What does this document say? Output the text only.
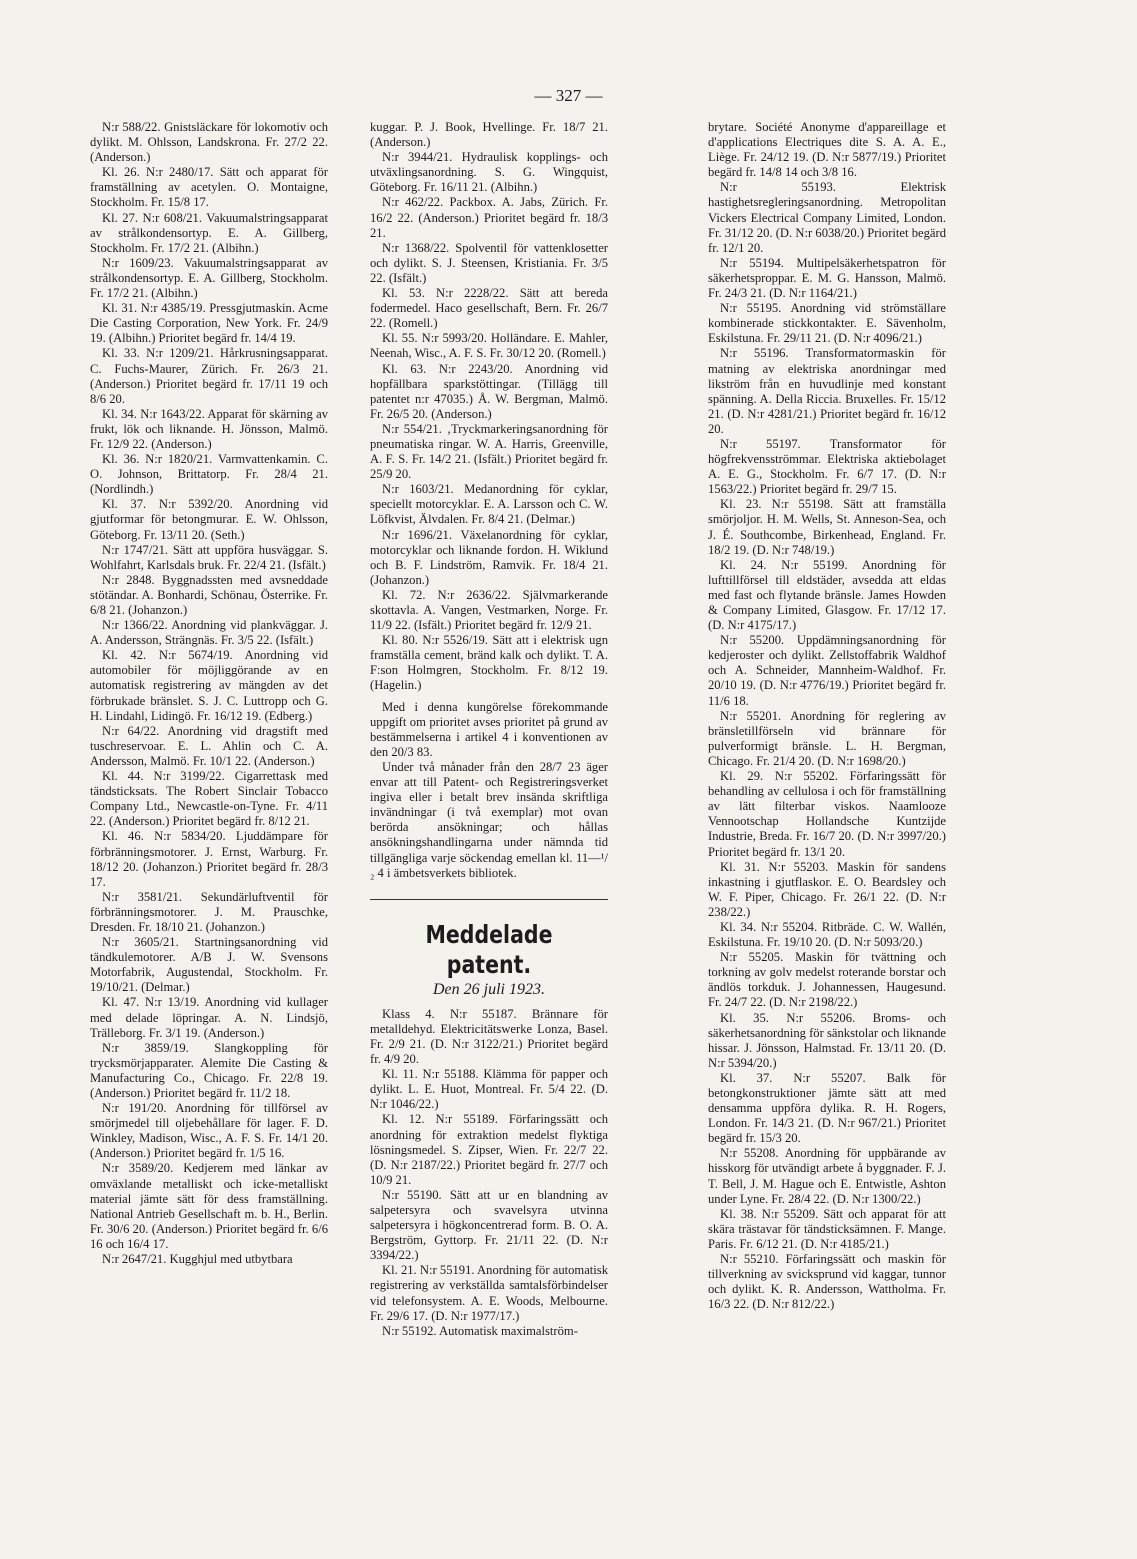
— 327 —

N:r 588/22. Gnistsläckare för lokomotiv och dylikt. M. Ohlsson, Landskrona. Fr. 27/2 22. (Anderson.)

Kl. 26. N:r 2480/17. Sätt och apparat för framställning av acetylen. O. Montaigne, Stockholm. Fr. 15/8 17.

Kl. 27. N:r 608/21. Vakuumalstringsapparat av strålkondensortyp. E. A. Gillberg, Stockholm. Fr. 17/2 21. (Albihn.)

N:r 1609/23. Vakuumalstringsapparat av strålkondensortyp. E. A. Gillberg, Stockholm. Fr. 17/2 21. (Albihn.)

Kl. 31. N:r 4385/19. Pressgjutmaskin. Acme Die Casting Corporation, New York. Fr. 24/9 19. (Albihn.) Prioritet begärd fr. 14/4 19.

Kl. 33. N:r 1209/21. Hårkrusningsapparat. C. Fuchs-Maurer, Zürich. Fr. 26/3 21. (Anderson.) Prioritet begärd fr. 17/11 19 och 8/6 20.

Kl. 34. N:r 1643/22. Apparat för skärning av frukt, lök och liknande. H. Jönsson, Malmö. Fr. 12/9 22. (Anderson.)

Kl. 36. N:r 1820/21. Varmvattenkamin. C. O. Johnson, Brittatorp. Fr. 28/4 21. (Nordlindh.)

Kl. 37. N:r 5392/20. Anordning vid gjutformar för betongmurar. E. W. Ohlsson, Göteborg. Fr. 13/11 20. (Seth.)

N:r 1747/21. Sätt att uppföra husväggar. S. Wohlfahrt, Karlsdals bruk. Fr. 22/4 21. (Isfält.)

N:r 2848. Byggnadssten med avsneddade stötändar. A. Bonhardi, Schönau, Österrike. Fr. 6/8 21. (Johanzon.)

N:r 1366/22. Anordning vid plankväggar. J. A. Andersson, Strängnäs. Fr. 3/5 22. (Isfält.)

Kl. 42. N:r 5674/19. Anordning vid automobiler för möjliggörande av en automatisk registrering av mängden av det förbrukade bränslet. S. J. C. Luttropp och G. H. Lindahl, Lidingö. Fr. 16/12 19. (Edberg.)

N:r 64/22. Anordning vid dragstift med tuschreservoar. E. L. Ahlin och C. A. Andersson, Malmö. Fr. 10/1 22. (Anderson.)

Kl. 44. N:r 3199/22. Cigarrettask med tändsticksats. The Robert Sinclair Tobacco Company Ltd., Newcastle-on-Tyne. Fr. 4/11 22. (Anderson.) Prioritet begärd fr. 8/12 21.

Kl. 46. N:r 5834/20. Ljuddämpare för förbränningsmotorer. J. Ernst, Warburg. Fr. 18/12 20. (Johanzon.) Prioritet begärd fr. 28/3 17.

N:r 3581/21. Sekundärluftventil för förbränningsmotorer. J. M. Prauschke, Dresden. Fr. 18/10 21. (Johanzon.)

N:r 3605/21. Startningsanordning vid tändkulemotorer. A/B J. W. Svensons Motorfabrik, Augustendal, Stockholm. Fr. 19/10/21. (Delmar.)

Kl. 47. N:r 13/19. Anordning vid kullager med delade löpringar. A. N. Lindsjö, Trälleborg. Fr. 3/1 19. (Anderson.)

N:r 3859/19. Slangkoppling för trycksmörjapparater. Alemite Die Casting & Manufacturing Co., Chicago. Fr. 22/8 19. (Anderson.) Prioritet begärd fr. 11/2 18.

N:r 191/20. Anordning för tillförsel av smörjmedel till oljebehållare för lager. F. D. Winkley, Madison, Wisc., A. F. S. Fr. 14/1 20. (Anderson.) Prioritet begärd fr. 1/5 16.

N:r 3589/20. Kedjerem med länkar av omväxlande metalliskt och icke-metalliskt material jämte sätt för dess framställning. National Antrieb Gesellschaft m. b. H., Berlin. Fr. 30/6 20. (Anderson.) Prioritet begärd fr. 6/6 16 och 16/4 17.

N:r 2647/21. Kugghjul med utbytbara

kuggar. P. J. Book, Hvellinge. Fr. 18/7 21. (Anderson.)

N:r 3944/21. Hydraulisk kopplings- och utväxlingsanordning. S. G. Wingquist, Göteborg. Fr. 16/11 21. (Albihn.)

N:r 462/22. Packbox. A. Jabs, Zürich. Fr. 16/2 22. (Anderson.) Prioritet begärd fr. 18/3 21.

N:r 1368/22. Spolventil för vattenklosetter och dylikt. S. J. Steensen, Kristiania. Fr. 3/5 22. (Isfält.)

Kl. 53. N:r 2228/22. Sätt att bereda fodermedel. Haco gesellschaft, Bern. Fr. 26/7 22. (Romell.)

Kl. 55. N:r 5993/20. Holländare. E. Mahler, Neenah, Wisc., A. F. S. Fr. 30/12 20. (Romell.)

Kl. 63. N:r 2243/20. Anordning vid hopfällbara sparkstöttingar. (Tillägg till patentet n:r 47035.) Å. W. Bergman, Malmö. Fr. 26/5 20. (Anderson.)

N:r 554/21. ‚Tryckmarkeringsanordning för pneumatiska ringar. W. A. Harris, Greenville, A. F. S. Fr. 14/2 21. (Isfält.) Prioritet begärd fr. 25/9 20.

N:r 1603/21. Medanordning för cyklar, speciellt motorcyklar. E. A. Larsson och C. W. Löfkvist, Älvdalen. Fr. 8/4 21. (Delmar.)

N:r 1696/21. Växelanordning för cyklar, motorcyklar och liknande fordon. H. Wiklund och B. F. Lindström, Ramvik. Fr. 18/4 21. (Johanzon.)

Kl. 72. N:r 2636/22. Självmarkerande skottavla. A. Vangen, Vestmarken, Norge. Fr. 11/9 22. (Isfält.) Prioritet begärd fr. 12/9 21.

Kl. 80. N:r 5526/19. Sätt att i elektrisk ugn framställa cement, bränd kalk och dylikt. T. A. F:son Holmgren, Stockholm. Fr. 8/12 19. (Hagelin.)

Med i denna kungörelse förekommande uppgift om prioritet avses prioritet på grund av bestämmelserna i artikel 4 i konventionen av den 20/3 83.

Under två månader från den 28/7 23 äger envar att till Patent- och Registreringsverket ingiva eller i betalt brev insända skriftliga invändningar (i två exemplar) mot ovan berörda ansökningar; och hållas ansökningshandlingarna under nämnda tid tillgängliga varje söckendag emellan kl. 11—¹/₂ 4 i ämbetsverkets bibliotek.

Meddelade patent.
Den 26 juli 1923.

Klass 4. N:r 55187. Brännare för metalldehyd. Elektricitätswerke Lonza, Basel. Fr. 2/9 21. (D. N:r 3122/21.) Prioritet begärd fr. 4/9 20.

Kl. 11. N:r 55188. Klämma för papper och dylikt. L. E. Huot, Montreal. Fr. 5/4 22. (D. N:r 1046/22.)

Kl. 12. N:r 55189. Förfaringssätt och anordning för extraktion medelst flyktiga lösningsmedel. S. Zipser, Wien. Fr. 22/7 22. (D. N:r 2187/22.) Prioritet begärd fr. 27/7 och 10/9 21.

N:r 55190. Sätt att ur en blandning av salpetersyra och svavelsyra utvinna salpetersyra i högkoncentrerad form. B. O. A. Bergström, Gyttorp. Fr. 21/11 22. (D. N:r 3394/22.)

Kl. 21. N:r 55191. Anordning för automatisk registrering av verkställda samtalsförbindelser vid telefonsystem. A. E. Woods, Melbourne. Fr. 29/6 17. (D. N:r 1977/17.)

N:r 55192. Automatisk maximalström-

brytare. Société Anonyme d'appareillage et d'applications Electriques dite S. A. A. E., Liège. Fr. 24/12 19. (D. N:r 5877/19.) Prioritet begärd fr. 14/8 14 och 3/8 16.

N:r 55193. Elektrisk hastighetsregleringsanordning. Metropolitan Vickers Electrical Company Limited, London. Fr. 31/12 20. (D. N:r 6038/20.) Prioritet begärd fr. 12/1 20.

N:r 55194. Multipelsäkerhetspatron för säkerhetsproppar. E. M. G. Hansson, Malmö. Fr. 24/3 21. (D. N:r 1164/21.)

N:r 55195. Anordning vid strömställare kombinerade stickkontakter. E. Sävenholm, Eskilstuna. Fr. 29/11 21. (D. N:r 4096/21.)

N:r 55196. Transformatormaskin för matning av elektriska anordningar med likström från en huvudlinje med konstant spänning. A. Della Riccia. Bruxelles. Fr. 15/12 21. (D. N:r 4281/21.) Prioritet begärd fr. 16/12 20.

N:r 55197. Transformator för högfrekvensströmmar. Elektriska aktiebolaget A. E. G., Stockholm. Fr. 6/7 17. (D. N:r 1563/22.) Prioritet begärd fr. 29/7 15.

Kl. 23. N:r 55198. Sätt att framställa smörjoljor. H. M. Wells, St. Anneson-Sea, och J. É. Southcombe, Birkenhead, England. Fr. 18/2 19. (D. N:r 748/19.)

Kl. 24. N:r 55199. Anordning för lufttillförsel till eldstäder, avsedda att eldas med fast och flytande bränsle. James Howden & Company Limited, Glasgow. Fr. 17/12 17. (D. N:r 4175/17.)

N:r 55200. Uppdämningsanordning för kedjeroster och dylikt. Zellstoffabrik Waldhof och A. Schneider, Mannheim-Waldhof. Fr. 20/10 19. (D. N:r 4776/19.) Prioritet begärd fr. 11/6 18.

N:r 55201. Anordning för reglering av bränsletillförseln vid brännare för pulverformigt bränsle. L. H. Bergman, Chicago. Fr. 21/4 20. (D. N:r 1698/20.)

Kl. 29. N:r 55202. Förfaringssätt för behandling av cellulosa i och för framställning av lätt filterbar viskos. Naamlooze Vennootschap Hollandsche Kuntzijde Industrie, Breda. Fr. 16/7 20. (D. N:r 3997/20.) Prioritet begärd fr. 13/1 20.

Kl. 31. N:r 55203. Maskin för sandens inkastning i gjutflaskor. E. O. Beardsley och W. F. Piper, Chicago. Fr. 26/1 22. (D. N:r 238/22.)

Kl. 34. N:r 55204. Ritbräde. C. W. Wallén, Eskilstuna. Fr. 19/10 20. (D. N:r 5093/20.)

N:r 55205. Maskin för tvättning och torkning av golv medelst roterande borstar och ändlös torkduk. J. Johannessen, Haugesund. Fr. 24/7 22. (D. N:r 2198/22.)

Kl. 35. N:r 55206. Broms- och säkerhetsanordning för sänkstolar och liknande hissar. J. Jönsson, Halmstad. Fr. 13/11 20. (D. N:r 5394/20.)

Kl. 37. N:r 55207. Balk för betongkonstruktioner jämte sätt att med densamma uppföra dylika. R. H. Rogers, London. Fr. 14/3 21. (D. N:r 967/21.) Prioritet begärd fr. 15/3 20.

N:r 55208. Anordning för uppbärande av hisskorg för utvändigt arbete å byggnader. F. J. T. Bell, J. M. Hague och E. Entwistle, Ashton under Lyne. Fr. 28/4 22. (D. N:r 1300/22.)

Kl. 38. N:r 55209. Sätt och apparat för att skära trästavar för tändsticksämnen. F. Mange. Paris. Fr. 6/12 21. (D. N:r 4185/21.)

N:r 55210. Förfaringssätt och maskin för tillverkning av svicksprund vid kaggar, tunnor och dylikt. K. R. Andersson, Wattholma. Fr. 16/3 22. (D. N:r 812/22.)
